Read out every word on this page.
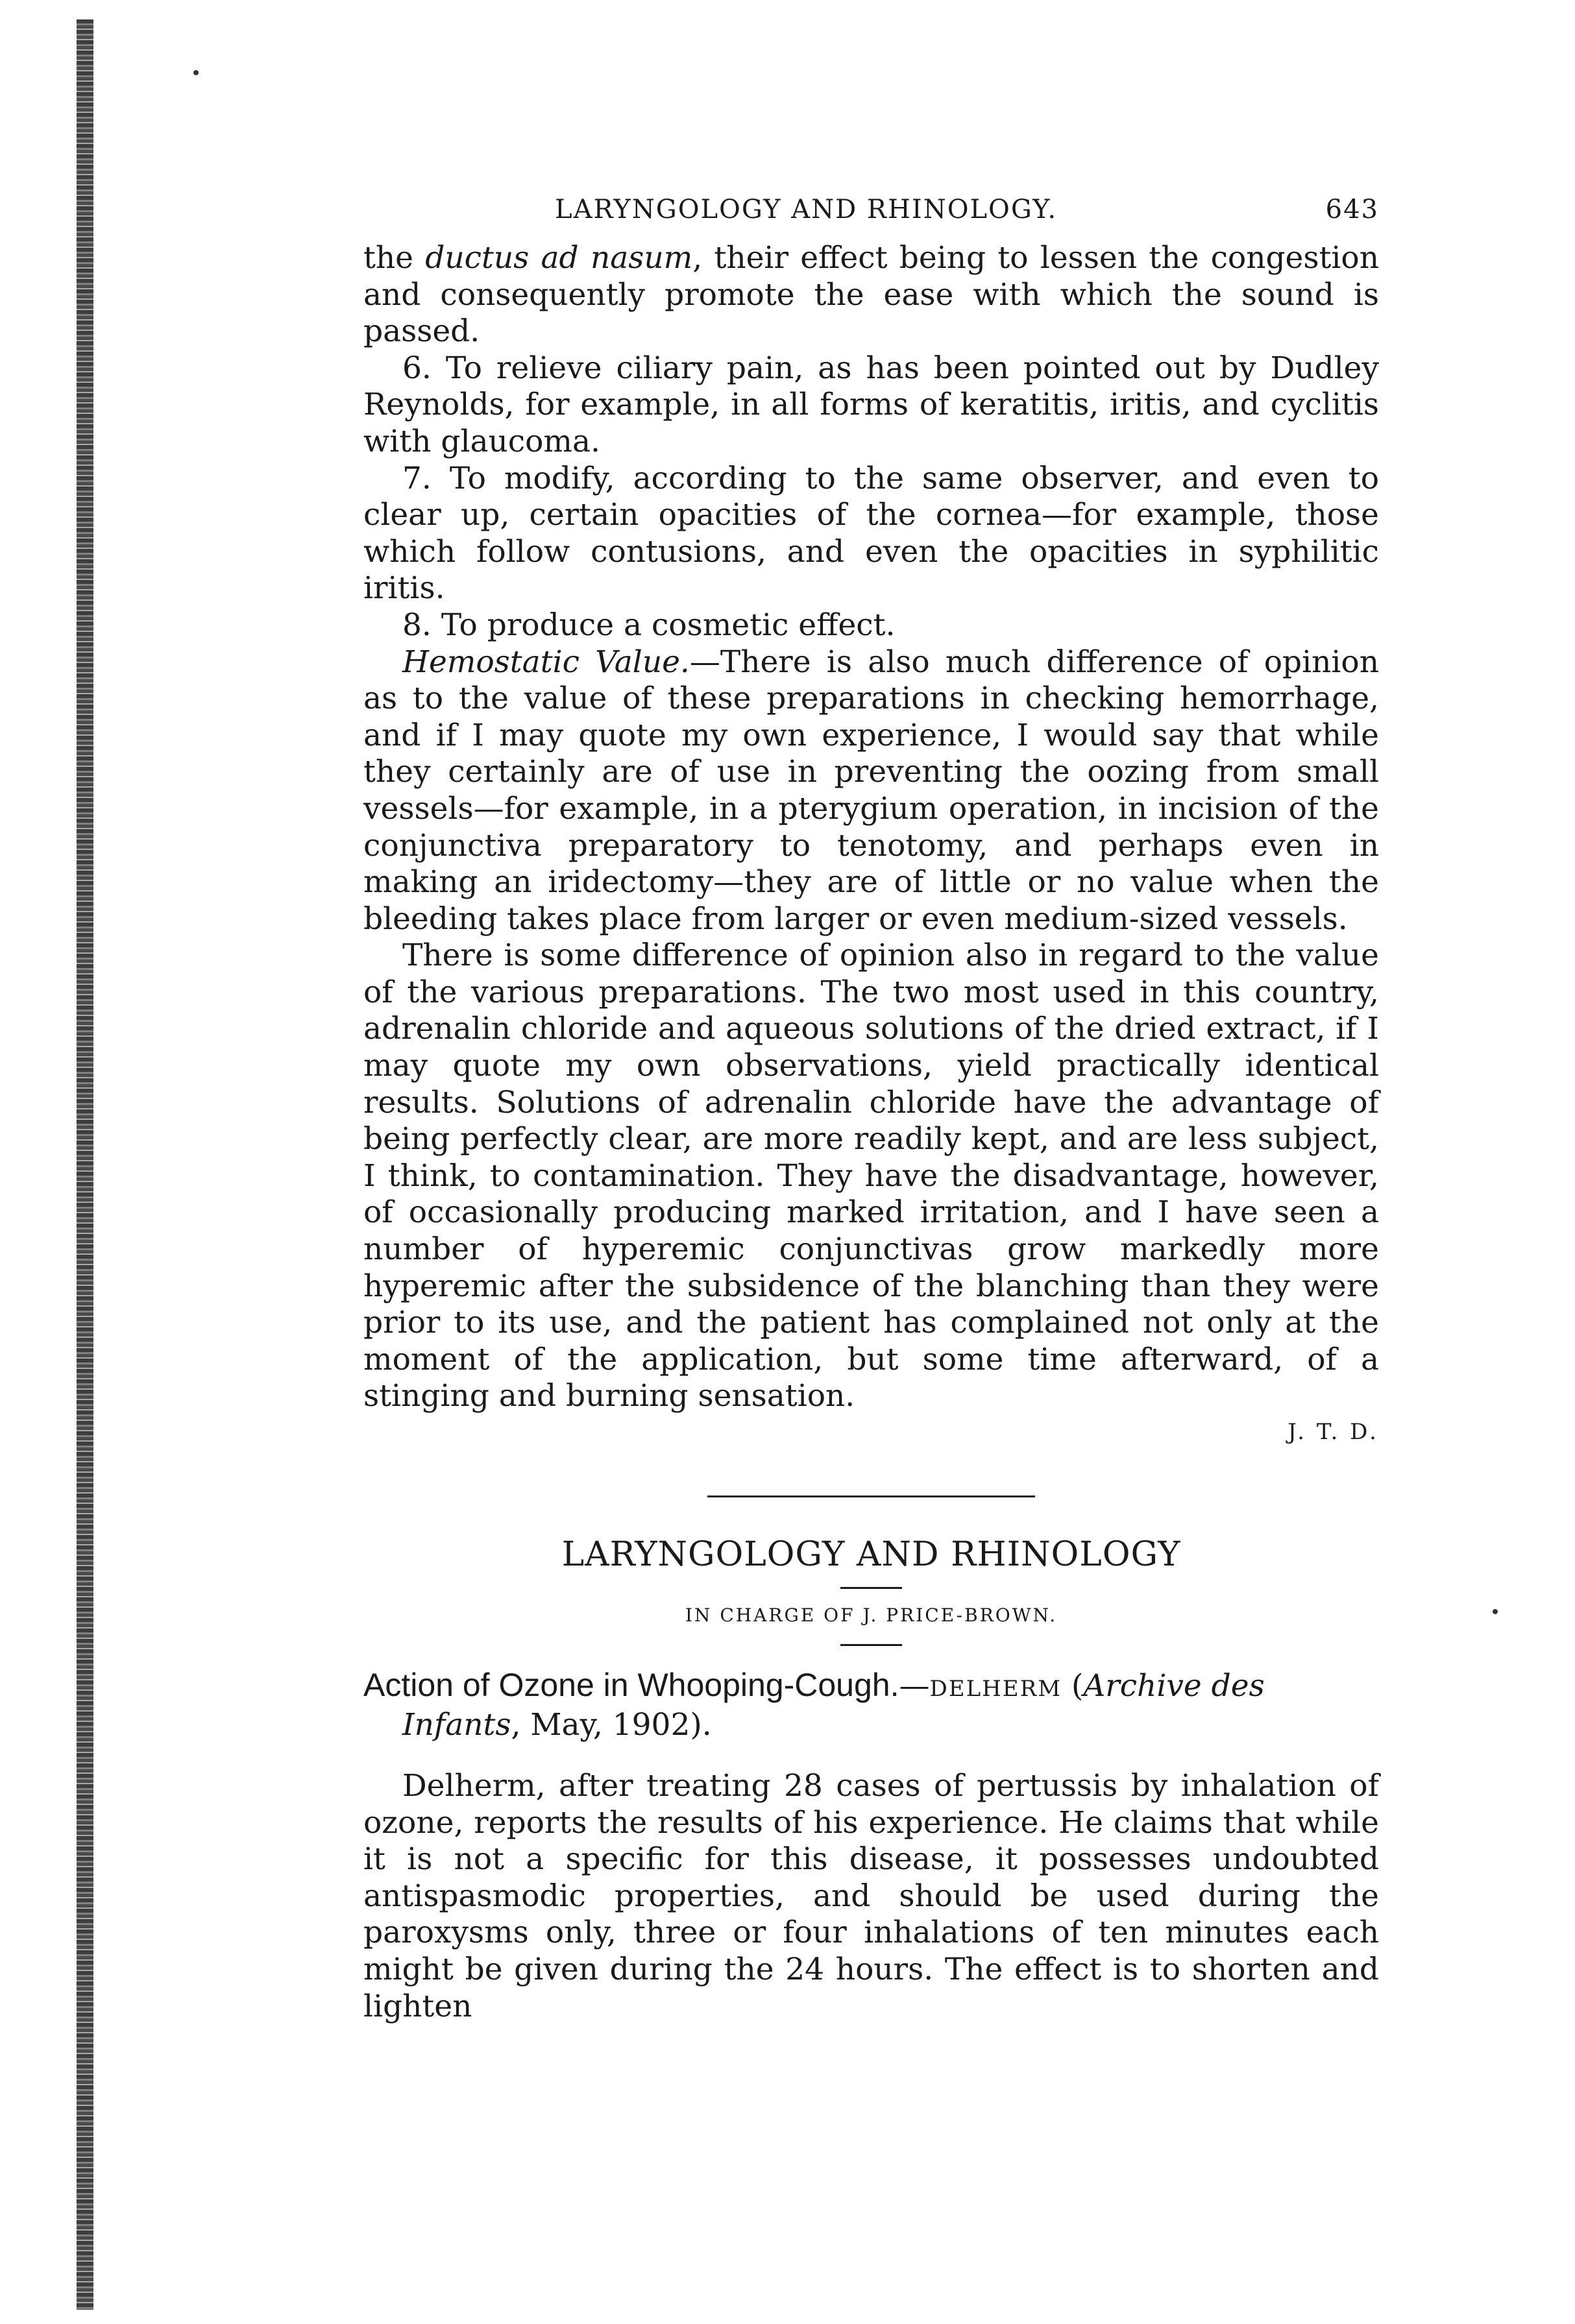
LARYNGOLOGY AND RHINOLOGY.	643

the ductus ad nasum, their effect being to lessen the congestion and consequently promote the ease with which the sound is passed.

6. To relieve ciliary pain, as has been pointed out by Dudley Reynolds, for example, in all forms of keratitis, iritis, and cyclitis with glaucoma.

7. To modify, according to the same observer, and even to clear up, certain opacities of the cornea—for example, those which follow contusions, and even the opacities in syphilitic iritis.

8. To produce a cosmetic effect.

Hemostatic Value.—There is also much difference of opinion as to the value of these preparations in checking hemorrhage, and if I may quote my own experience, I would say that while they certainly are of use in preventing the oozing from small vessels—for example, in a pterygium operation, in incision of the conjunctiva preparatory to tenotomy, and perhaps even in making an iridectomy—they are of little or no value when the bleeding takes place from larger or even medium-sized vessels.

There is some difference of opinion also in regard to the value of the various preparations. The two most used in this country, adrenalin chloride and aqueous solutions of the dried extract, if I may quote my own observations, yield practically identical results. Solutions of adrenalin chloride have the advantage of being perfectly clear, are more readily kept, and are less subject, I think, to contamination. They have the disadvantage, however, of occasionally producing marked irritation, and I have seen a number of hyperemic conjunctivas grow markedly more hyperemic after the subsidence of the blanching than they were prior to its use, and the patient has complained not only at the moment of the application, but some time afterward, of a stinging and burning sensation.

J. T. D.
LARYNGOLOGY AND RHINOLOGY
IN CHARGE OF J. PRICE-BROWN.
Action of Ozone in Whooping-Cough.—DELHERM (Archive des Infants, May, 1902).

Delherm, after treating 28 cases of pertussis by inhalation of ozone, reports the results of his experience. He claims that while it is not a specific for this disease, it possesses undoubted antispasmodic properties, and should be used during the paroxysms only, three or four inhalations of ten minutes each might be given during the 24 hours. The effect is to shorten and lighten
